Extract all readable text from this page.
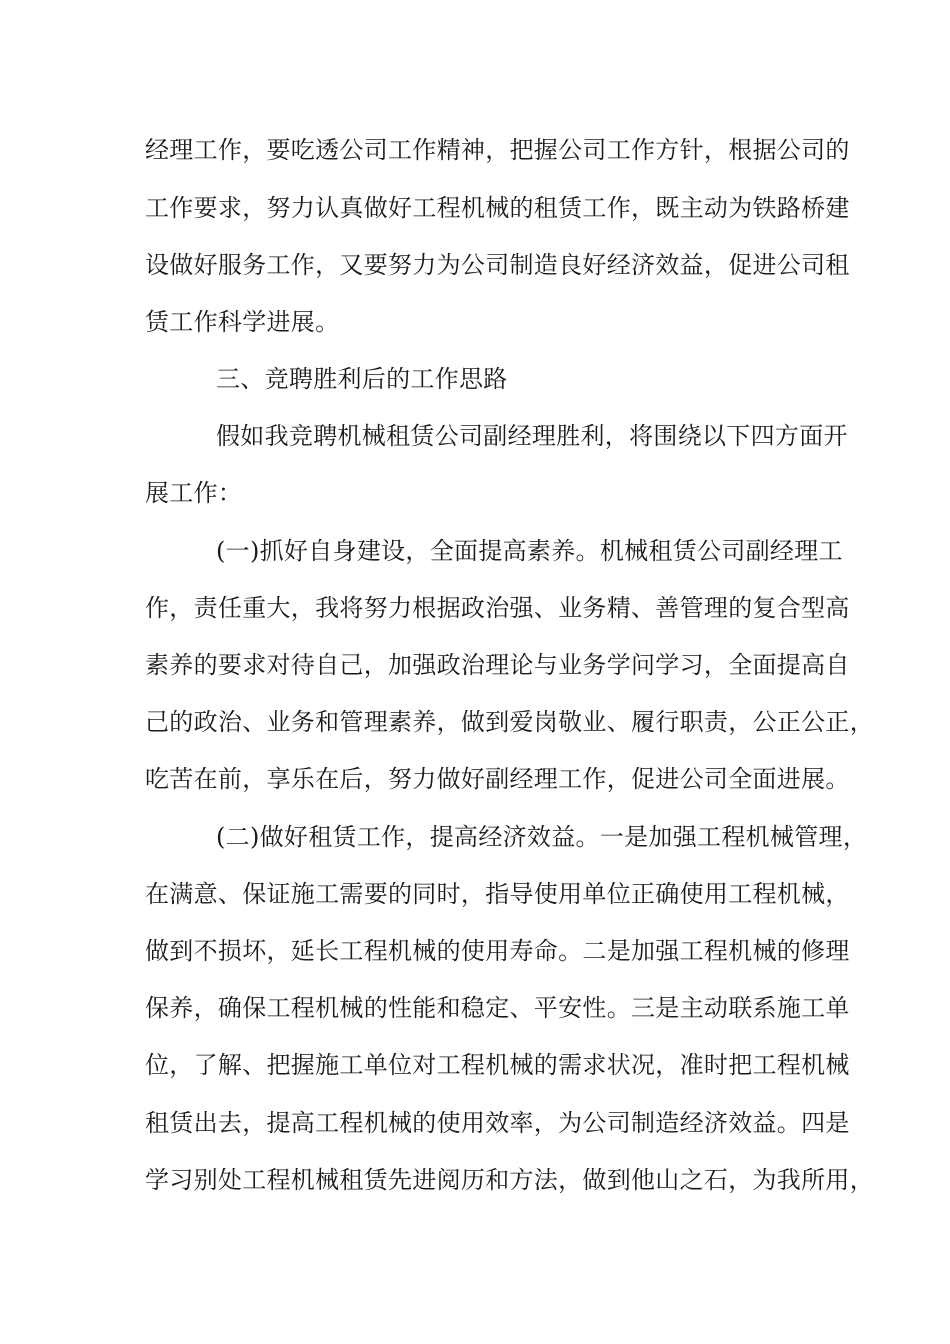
经理工作，要吃透公司工作精神，把握公司工作方针，根据公司的
工作要求，努力认真做好工程机械的租赁工作，既主动为铁路桥建
设做好服务工作，又要努力为公司制造良好经济效益，促进公司租
赁工作科学进展。
三、竞聘胜利后的工作思路
假如我竞聘机械租赁公司副经理胜利，将围绕以下四方面开
展工作：
(一)抓好自身建设，全面提高素养。机械租赁公司副经理工
作，责任重大，我将努力根据政治强、业务精、善管理的复合型高
素养的要求对待自己，加强政治理论与业务学问学习，全面提高自
己的政治、业务和管理素养，做到爱岗敬业、履行职责，公正公正，
吃苦在前，享乐在后，努力做好副经理工作，促进公司全面进展。
(二)做好租赁工作，提高经济效益。一是加强工程机械管理，
在满意、保证施工需要的同时，指导使用单位正确使用工程机械，
做到不损坏，延长工程机械的使用寿命。二是加强工程机械的修理
保养，确保工程机械的性能和稳定、平安性。三是主动联系施工单
位，了解、把握施工单位对工程机械的需求状况，准时把工程机械
租赁出去，提高工程机械的使用效率，为公司制造经济效益。四是
学习别处工程机械租赁先进阅历和方法，做到他山之石，为我所用，
